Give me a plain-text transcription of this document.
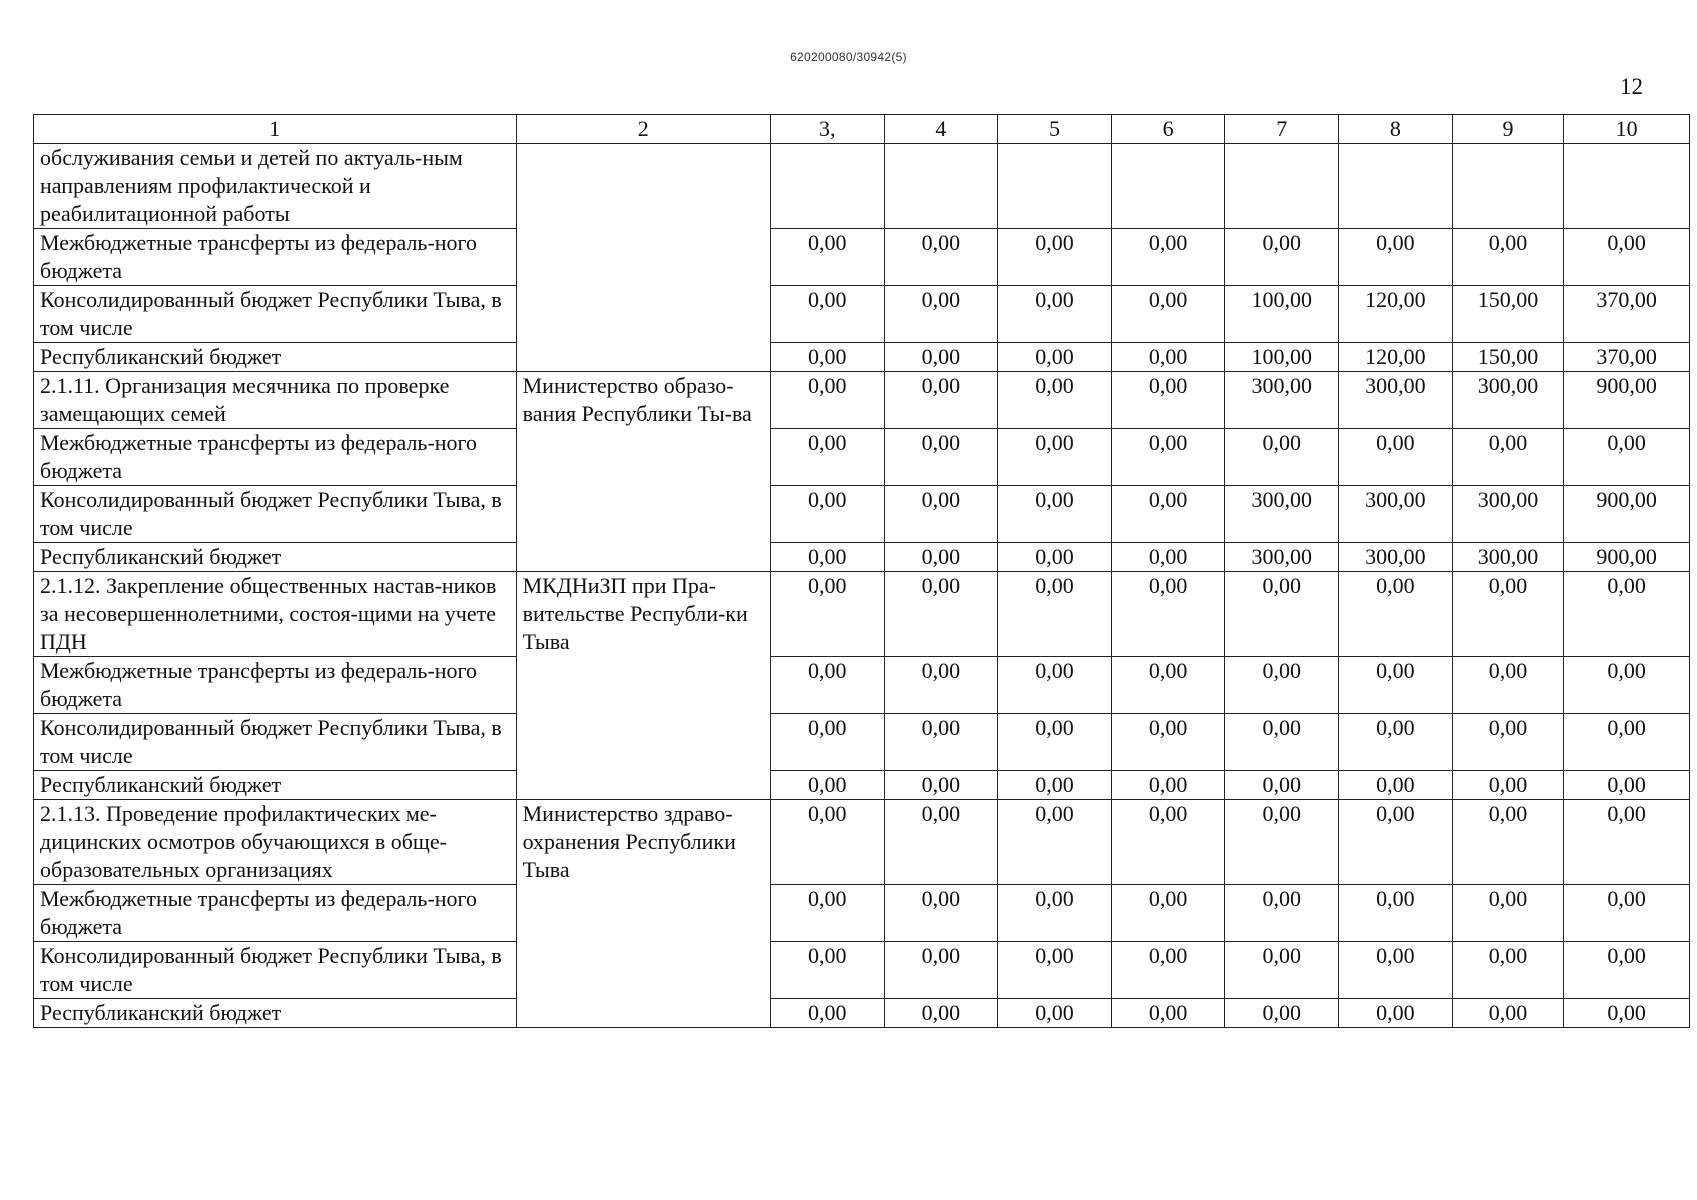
620200080/30942(5)
12
1	2	3,	4	5	6	7	8	9	10
обслуживания семьи и детей по актуаль-ным направлениям профилактической и реабилитационной работы									
Межбюджетные трансферты из федераль-ного бюджета		0,00	0,00	0,00	0,00	0,00	0,00	0,00	0,00
Консолидированный бюджет Республики Тыва, в том числе		0,00	0,00	0,00	0,00	100,00	120,00	150,00	370,00
Республиканский бюджет		0,00	0,00	0,00	0,00	100,00	120,00	150,00	370,00
2.1.11. Организация месячника по проверке замещающих семей	Министерство образо-вания Республики Ты-ва	0,00	0,00	0,00	0,00	300,00	300,00	300,00	900,00
Межбюджетные трансферты из федераль-ного бюджета		0,00	0,00	0,00	0,00	0,00	0,00	0,00	0,00
Консолидированный бюджет Республики Тыва, в том числе		0,00	0,00	0,00	0,00	300,00	300,00	300,00	900,00
Республиканский бюджет		0,00	0,00	0,00	0,00	300,00	300,00	300,00	900,00
2.1.12. Закрепление общественных настав-ников за несовершеннолетними, состоя-щими на учете ПДН	МКДНиЗП при Пра-вительстве Республи-ки Тыва	0,00	0,00	0,00	0,00	0,00	0,00	0,00	0,00
Межбюджетные трансферты из федераль-ного бюджета		0,00	0,00	0,00	0,00	0,00	0,00	0,00	0,00
Консолидированный бюджет Республики Тыва, в том числе		0,00	0,00	0,00	0,00	0,00	0,00	0,00	0,00
Республиканский бюджет		0,00	0,00	0,00	0,00	0,00	0,00	0,00	0,00
2.1.13. Проведение профилактических ме-дицинских осмотров обучающихся в обще-образовательных организациях	Министерство здраво-охранения Республики Тыва	0,00	0,00	0,00	0,00	0,00	0,00	0,00	0,00
Межбюджетные трансферты из федераль-ного бюджета		0,00	0,00	0,00	0,00	0,00	0,00	0,00	0,00
Консолидированный бюджет Республики Тыва, в том числе		0,00	0,00	0,00	0,00	0,00	0,00	0,00	0,00
Республиканский бюджет		0,00	0,00	0,00	0,00	0,00	0,00	0,00	0,00
